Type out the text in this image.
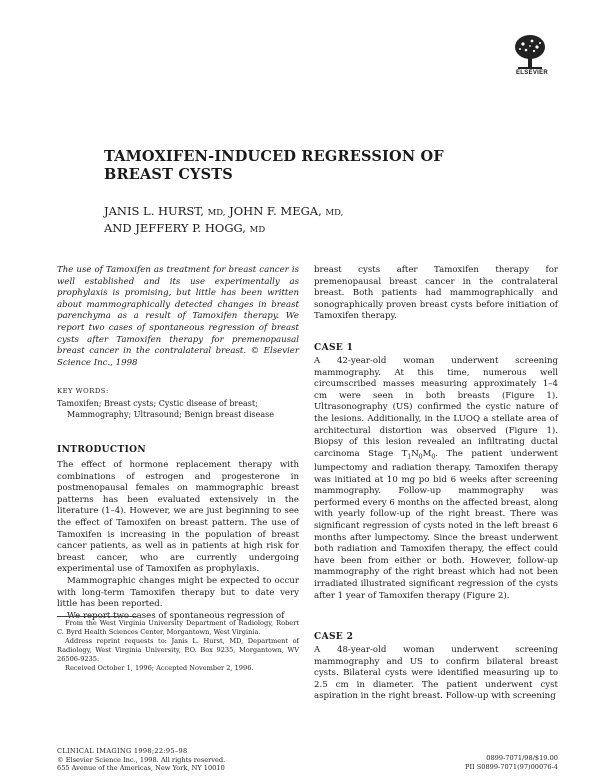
ELSEVIER
TAMOXIFEN-INDUCED REGRESSION OF BREAST CYSTS
JANIS L. HURST, MD, JOHN F. MEGA, MD,
AND JEFFERY P. HOGG, MD
The use of Tamoxifen as treatment for breast cancer is well established and its use experimentally as prophylaxis is promising, but little has been written about mammographically detected changes in breast parenchyma as a result of Tamoxifen therapy. We report two cases of spontaneous regression of breast cysts after Tamoxifen therapy for premenopausal breast cancer in the contralateral breast. © Elsevier Science Inc., 1998
KEY WORDS:
Tamoxifen; Breast cysts; Cystic disease of breast;
Mammography; Ultrasound; Benign breast disease
INTRODUCTION

The effect of hormone replacement therapy with combinations of estrogen and progesterone in postmenopausal females on mammographic breast patterns has been evaluated extensively in the literature (1–4). However, we are just beginning to see the effect of Tamoxifen on breast pattern. The use of Tamoxifen is increasing in the population of breast cancer patients, as well as in patients at high risk for breast cancer, who are currently undergoing experimental use of Tamoxifen as prophylaxis.

Mammographic changes might be expected to occur with long-term Tamoxifen therapy but to date very little has been reported.

We report two cases of spontaneous regression of

From the West Virginia University Department of Radiology, Robert C. Byrd Health Sciences Center, Morgantown, West Virginia.

Address reprint requests to: Janis L. Hurst, MD, Department of Radiology, West Virginia University, P.O. Box 9235, Morgantown, WV 26506-9235.

Received October 1, 1996; Accepted November 2, 1996.

breast cysts after Tamoxifen therapy for premenopausal breast cancer in the contralateral breast. Both patients had mammographically and sonographically proven breast cysts before initiation of Tamoxifen therapy.
CASE 1
A 42-year-old woman underwent screening mammography. At this time, numerous well circumscribed masses measuring approximately 1–4 cm were seen in both breasts (Figure 1). Ultrasonography (US) confirmed the cystic nature of the lesions. Additionally, in the LUOQ a stellate area of architectural distortion was observed (Figure 1). Biopsy of this lesion revealed an infiltrating ductal carcinoma Stage $T_1N_0M_0$. The patient underwent lumpectomy and radiation therapy. Tamoxifen therapy was initiated at 10 mg po bid 6 weeks after screening mammography. Follow-up mammography was performed every 6 months on the affected breast, along with yearly follow-up of the right breast. There was significant regression of cysts noted in the left breast 6 months after lumpectomy. Since the breast underwent both radiation and Tamoxifen therapy, the effect could have been from either or both. However, follow-up mammography of the right breast which had not been irradiated illustrated significant regression of the cysts after 1 year of Tamoxifen therapy (Figure 2).
CASE 2
A 48-year-old woman underwent screening mammography and US to confirm bilateral breast cysts. Bilateral cysts were identified measuring up to 2.5 cm in diameter. The patient underwent cyst aspiration in the right breast. Follow-up with screening
CLINICAL IMAGING 1998;22:95–98
© Elsevier Science Inc., 1998. All rights reserved.
655 Avenue of the Americas, New York, NY 10010
0899-7071/98/$19.00
PII S0899-7071(97)00076-4
